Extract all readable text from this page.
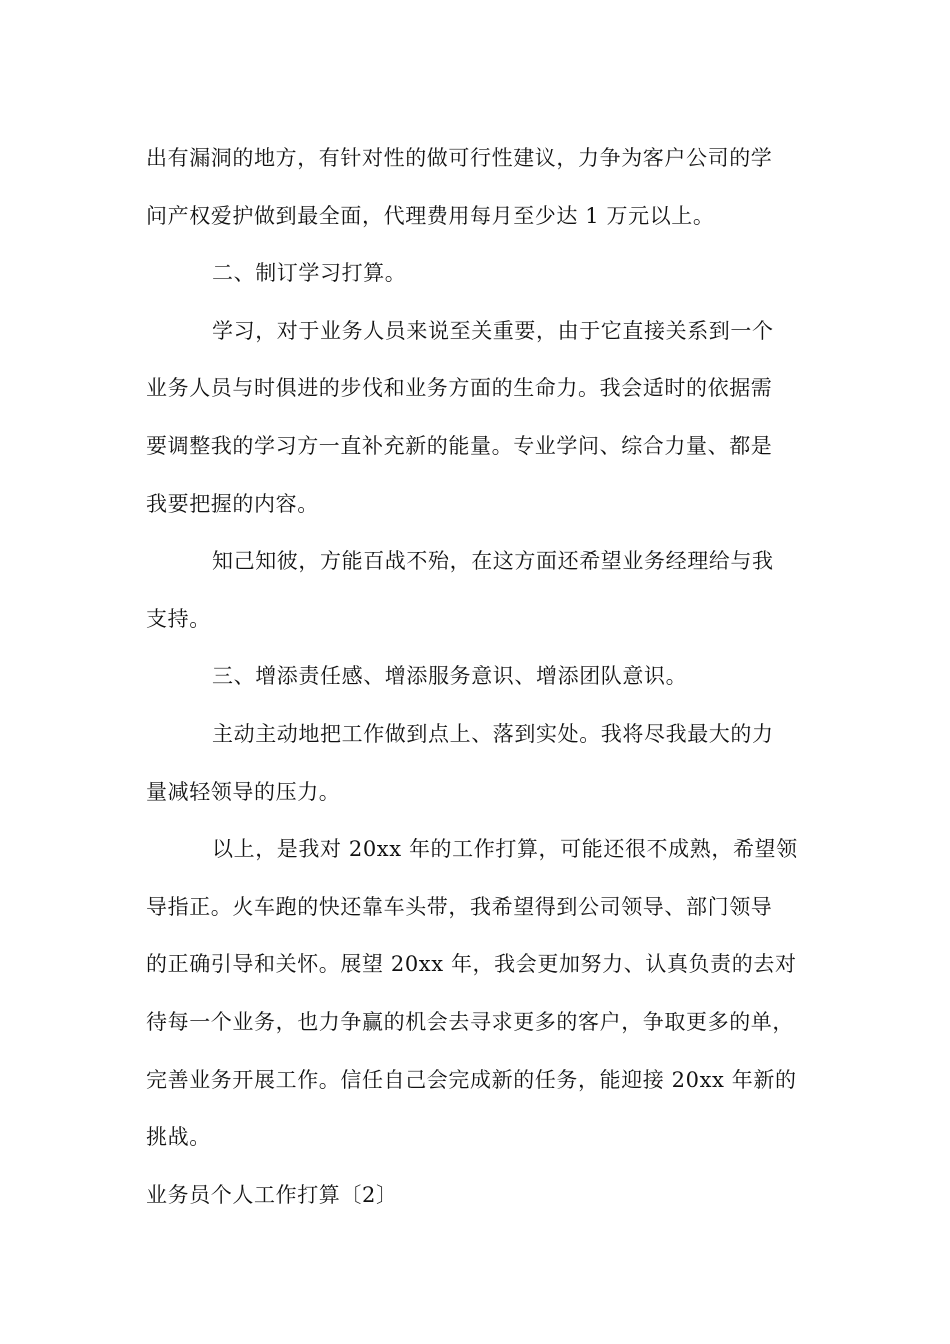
出有漏洞的地方，有针对性的做可行性建议，力争为客户公司的学
问产权爱护做到最全面，代理费用每月至少达 1 万元以上。
二、制订学习打算。
学习，对于业务人员来说至关重要，由于它直接关系到一个
业务人员与时俱进的步伐和业务方面的生命力。我会适时的依据需
要调整我的学习方一直补充新的能量。专业学问、综合力量、都是
我要把握的内容。
知己知彼，方能百战不殆，在这方面还希望业务经理给与我
支持。
三、增添责任感、增添服务意识、增添团队意识。
主动主动地把工作做到点上、落到实处。我将尽我最大的力
量减轻领导的压力。
以上，是我对 20xx 年的工作打算，可能还很不成熟，希望领
导指正。火车跑的快还靠车头带，我希望得到公司领导、部门领导
的正确引导和关怀。展望 20xx 年，我会更加努力、认真负责的去对
待每一个业务，也力争赢的机会去寻求更多的客户，争取更多的单，
完善业务开展工作。信任自己会完成新的任务，能迎接 20xx 年新的
挑战。
业务员个人工作打算〔2〕
